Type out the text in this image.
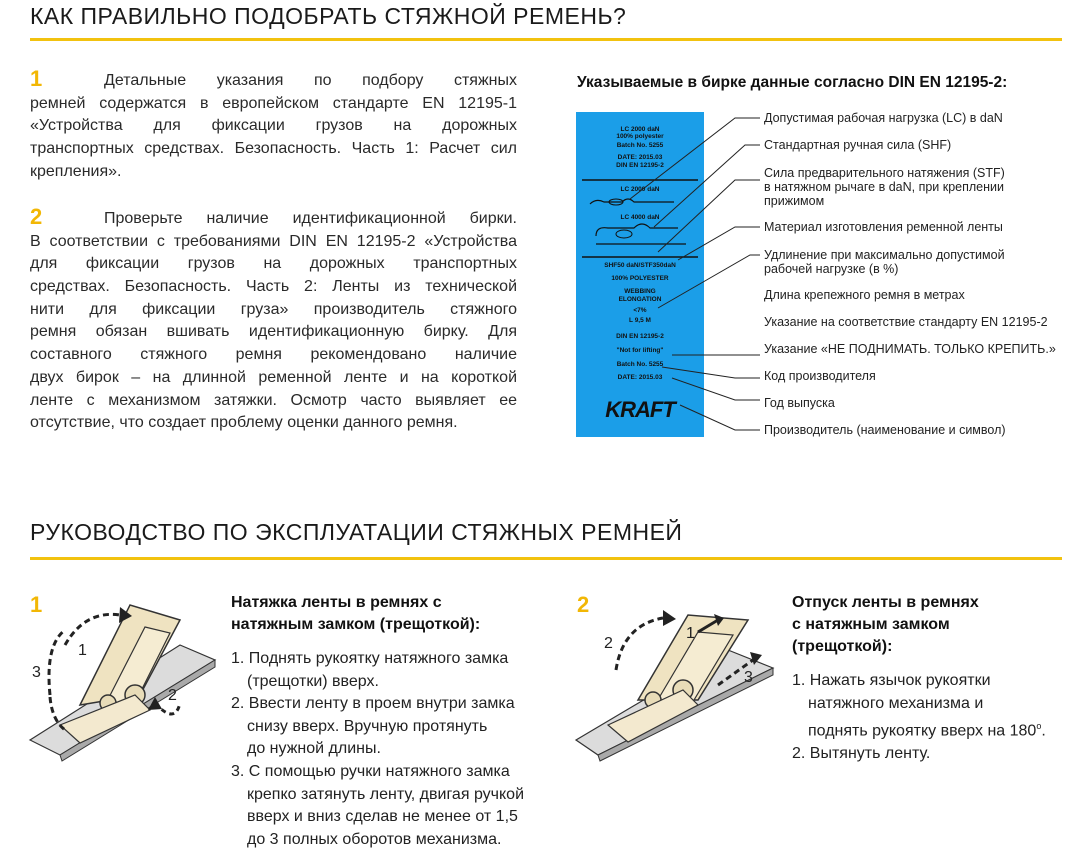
КАК ПРАВИЛЬНО ПОДОБРАТЬ СТЯЖНОЙ РЕМЕНЬ?
1	Детальные указания по подбору стяжных
ремней содержатся в европейском стандарте EN 12195-1
«Устройства для фиксации грузов на дорожных
транспортных средствах. Безопасность. Часть 1: Расчет сил
крепления».
2	Проверьте наличие идентификационной бирки.
В соответствии с требованиями DIN EN 12195-2 «Устройства
для фиксации грузов на дорожных транспортных
средствах. Безопасность. Часть 2: Ленты из технической
нити для фиксации груза» производитель стяжного
ремня обязан вшивать идентификационную бирку. Для
составного стяжного ремня рекомендовано наличие
двух бирок – на длинной ременной ленте и на короткой
ленте с механизмом затяжки. Осмотр часто выявляет ее
отсутствие, что создает проблему оценки данного ремня.
Указываемые в бирке данные согласно DIN EN 12195-2:
LC 2000 daN
100% polyester
Batch No. 5255
DATE: 2015.03
DIN EN 12195-2
LC 2000 daN
LC 4000 daN
SHF50 daN/STF350daN
100% POLYESTER
WEBBING
ELONGATION
<7%
L 9,5 M
DIN EN 12195-2
"Not for lifting"
Batch No. 5255
DATE: 2015.03
KRAFT
Допустимая рабочая нагрузка (LC) в daN
Стандартная ручная сила (SHF)
Сила предварительного натяжения (STF)
в натяжном рычаге в daN, при креплении
прижимом
Материал изготовления ременной ленты
Удлинение при максимально допустимой
рабочей нагрузке (в %)
Длина крепежного ремня в метрах
Указание на соответствие стандарту EN 12195-2
Указание «НЕ ПОДНИМАТЬ. ТОЛЬКО КРЕПИТЬ.»
Код производителя
Год выпуска
Производитель (наименование и символ)
РУКОВОДСТВО ПО ЭКСПЛУАТАЦИИ СТЯЖНЫХ РЕМНЕЙ
1
1
2
3
Натяжка ленты в ремнях с
натяжным замком (трещоткой):
1. Поднять рукоятку натяжного замка
(трещотки) вверх.
2. Ввести ленту в проем внутри замка
снизу вверх. Вручную протянуть
до нужной длины.
3. С помощью ручки натяжного замка
крепко затянуть ленту, двигая ручкой
вверх и вниз сделав не менее от 1,5
до 3 полных оборотов механизма.
2
1
2
3
Отпуск ленты в ремнях
с натяжным замком
(трещоткой):
1. Нажать язычок рукоятки
натяжного механизма и
поднять рукоятку вверх на 180$^o$.
2. Вытянуть ленту.
